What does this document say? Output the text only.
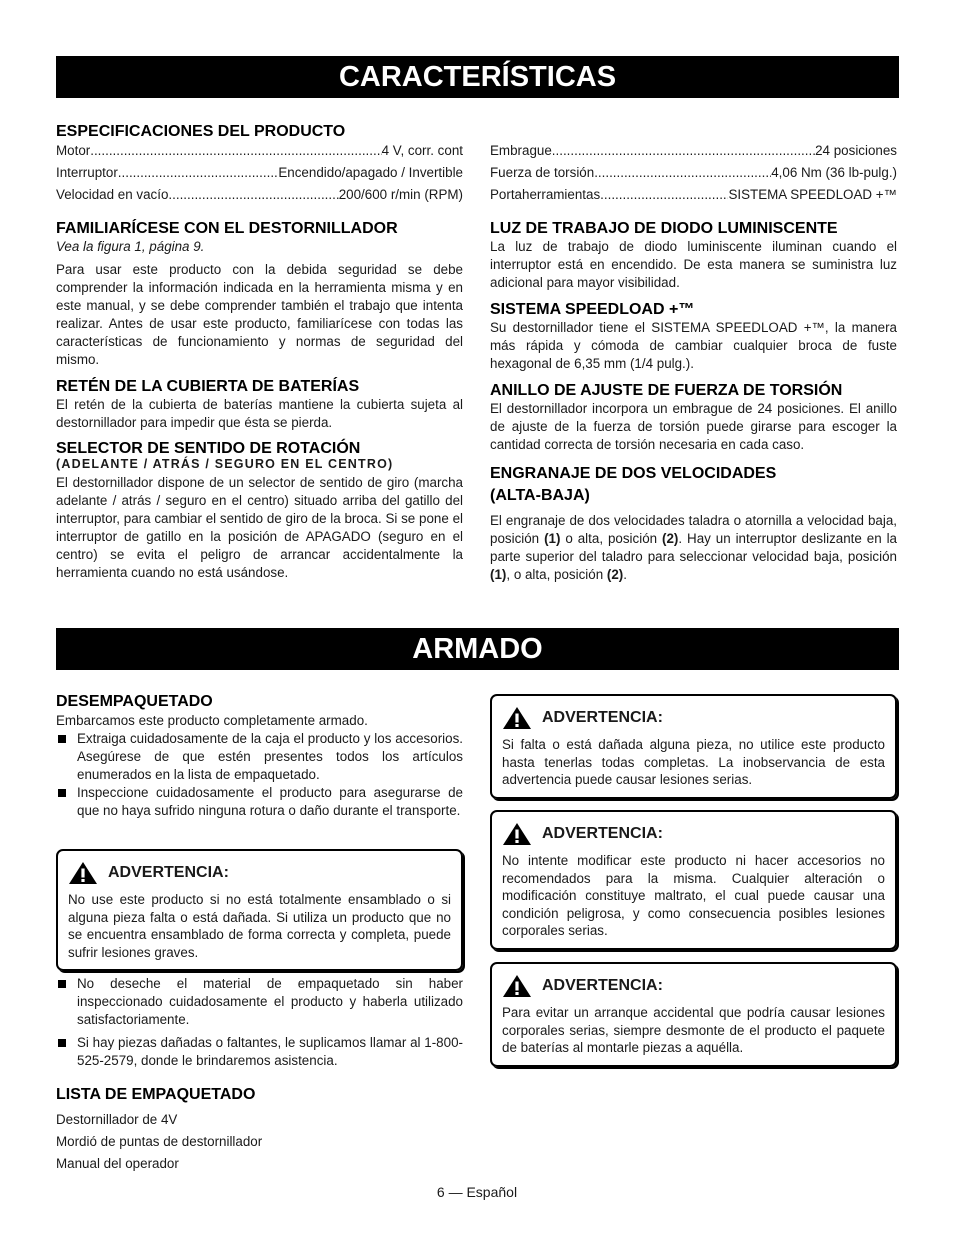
CARACTERÍSTICAS

ESPECIFICACIONES DEL PRODUCTO

Motor .....	4 V, corr. cont
Interruptor .....	Encendido/apagado / Invertible
Velocidad en vacío .....	200/600 r/min (RPM)

FAMILIARÍCESE CON EL DESTORNILLADOR

Vea la figura 1, página 9.

Para usar este producto con la debida seguridad se debe comprender la información indicada en la herramienta misma y en este manual, y se debe comprender también el trabajo que intenta realizar. Antes de usar este producto, familiarícese con todas las características de funcionamiento y normas de seguridad del mismo.

RETÉN DE LA CUBIERTA DE BATERÍAS

El retén de la cubierta de baterías mantiene la cubierta sujeta al destornillador para impedir que ésta se pierda.

SELECTOR DE SENTIDO DE ROTACIÓN

(ADELANTE / ATRÁS / SEGURO EN EL CENTRO)

El destornillador dispone de un selector de sentido de giro (marcha adelante / atrás / seguro en el centro) situado arriba del gatillo del interruptor, para cambiar el sentido de giro de la broca. Si se pone el interruptor de gatillo en la posición de APAGADO (seguro en el centro) se evita el peligro de arrancar accidentalmente la herramienta cuando no está usándose.

Embrague .....	24 posiciones
Fuerza de torsión .....	4,06 Nm (36 lb-pulg.)
Portaherramientas .....	SISTEMA SPEEDLOAD +™

LUZ DE TRABAJO DE DIODO LUMINISCENTE

La luz de trabajo de diodo luminiscente iluminan cuando el interruptor está en encendido. De esta manera se suministra luz adicional para mayor visibilidad.

SISTEMA SPEEDLOAD +™

Su destornillador tiene el SISTEMA SPEEDLOAD +™, la manera más rápida y cómoda de cambiar cualquier broca de fuste hexagonal de 6,35 mm (1/4 pulg.).

ANILLO DE AJUSTE DE FUERZA DE TORSIÓN

El destornillador incorpora un embrague de 24 posiciones. El anillo de ajuste de la fuerza de torsión puede girarse para escoger la cantidad correcta de torsión necesaria en cada caso.

ENGRANAJE DE DOS VELOCIDADES
(ALTA-BAJA)

El engranaje de dos velocidades taladra o atornilla a velocidad baja, posición (1) o alta, posición (2). Hay un interruptor deslizante en la parte superior del taladro para seleccionar velocidad baja, posición (1), o alta, posición (2).

ARMADO

DESEMPAQUETADO

Embarcamos este producto completamente armado.

Extraiga cuidadosamente de la caja el producto y los accesorios. Asegúrese de que estén presentes todos los artículos enumerados en la lista de empaquetado.

Inspeccione cuidadosamente el producto para asegurarse de que no haya sufrido ninguna rotura o daño durante el transporte.

ADVERTENCIA:

No use este producto si no está totalmente ensamblado o si alguna pieza falta o está dañada. Si utiliza un producto que no se encuentra ensamblado de forma correcta y completa, puede sufrir lesiones graves.

No deseche el material de empaquetado sin haber inspeccionado cuidadosamente el producto y haberla utilizado satisfactoriamente.

Si hay piezas dañadas o faltantes, le suplicamos llamar al 1-800-525-2579, donde le brindaremos asistencia.

LISTA DE EMPAQUETADO

Destornillador de 4V

Mordió de puntas de destornillador

Manual del operador

ADVERTENCIA:

Si falta o está dañada alguna pieza, no utilice este producto hasta tenerlas todas completas. La inobservancia de esta advertencia puede causar lesiones serias.

ADVERTENCIA:

No intente modificar este producto ni hacer accesorios no recomendados para la misma. Cualquier alteración o modificación constituye maltrato, el cual puede causar una condición peligrosa, y como consecuencia posibles lesiones corporales serias.

ADVERTENCIA:

Para evitar un arranque accidental que podría causar lesiones corporales serias, siempre desmonte de el producto el paquete de baterías al montarle piezas a aquélla.

6 — Español
